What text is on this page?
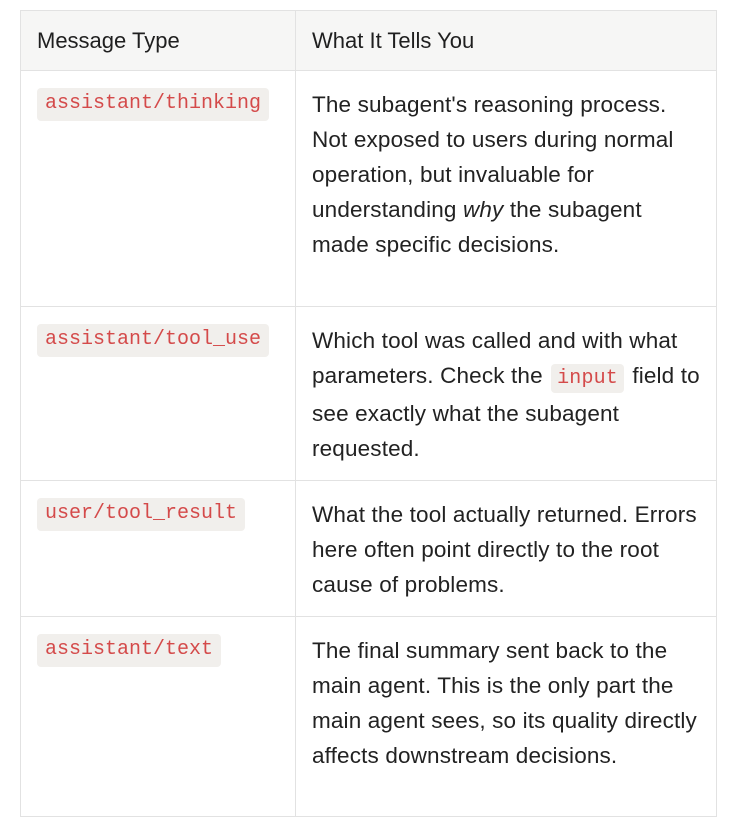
Message Type	What It Tells You
assistant/thinking	The subagent's reasoning process. Not exposed to users during normal operation, but invaluable for understanding why the subagent made specific decisions.
assistant/tool_use	Which tool was called and with what parameters. Check the input field to see exactly what the subagent requested.
user/tool_result	What the tool actually returned. Errors here often point directly to the root cause of problems.
assistant/text	The final summary sent back to the main agent. This is the only part the main agent sees, so its quality directly affects downstream decisions.
